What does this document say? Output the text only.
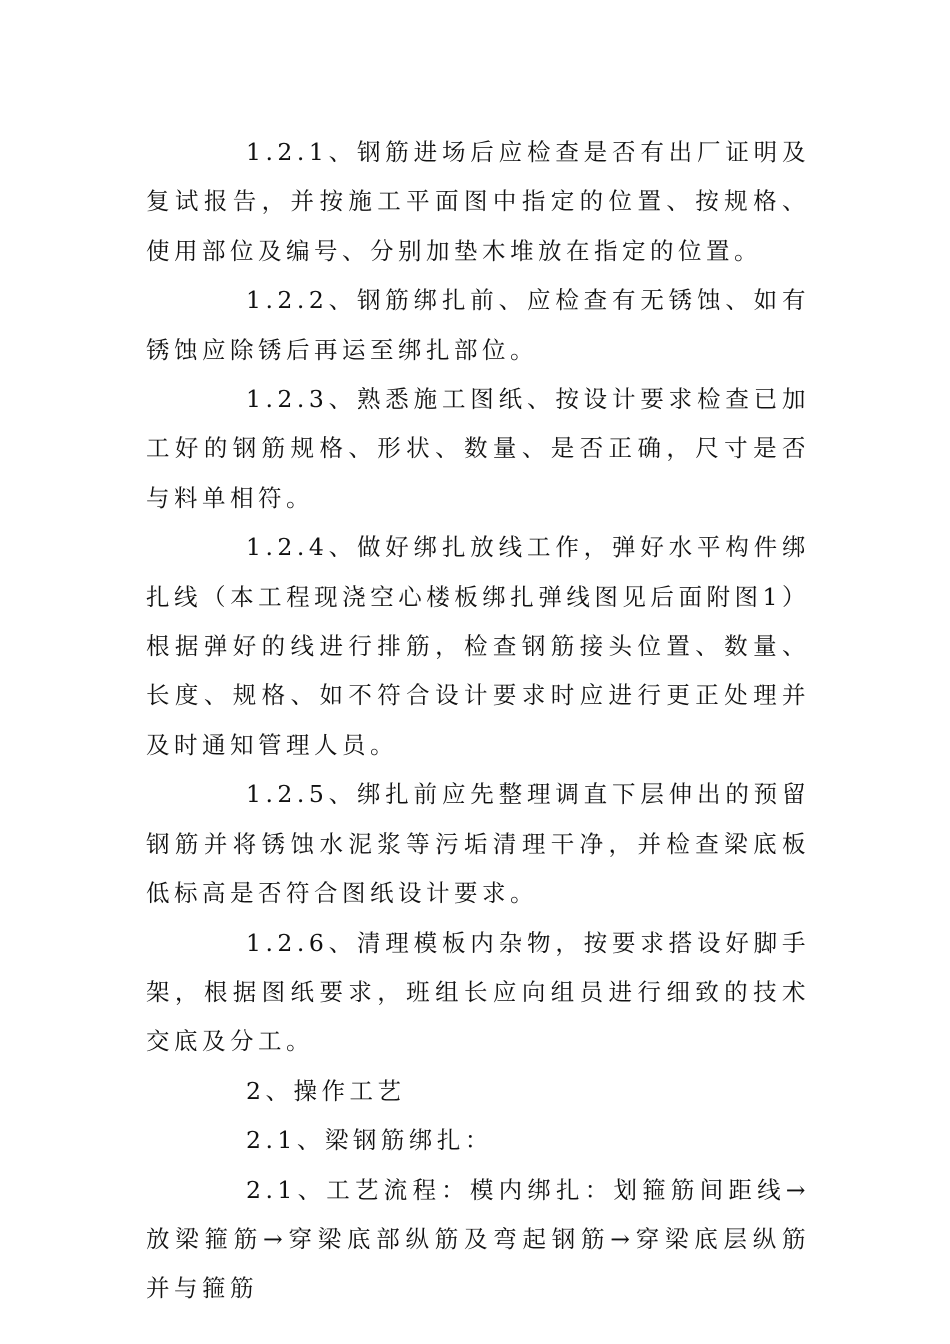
1.2.1、钢筋进场后应检查是否有出厂证明及复试报告，并按施工平面图中指定的位置、按规格、使用部位及编号、分别加垫木堆放在指定的位置。

1.2.2、钢筋绑扎前、应检查有无锈蚀、如有锈蚀应除锈后再运至绑扎部位。

1.2.3、熟悉施工图纸、按设计要求检查已加工好的钢筋规格、形状、数量、是否正确，尺寸是否与料单相符。

1.2.4、做好绑扎放线工作，弹好水平构件绑扎线（本工程现浇空心楼板绑扎弹线图见后面附图1）根据弹好的线进行排筋，检查钢筋接头位置、数量、长度、规格、如不符合设计要求时应进行更正处理并及时通知管理人员。

1.2.5、绑扎前应先整理调直下层伸出的预留钢筋并将锈蚀水泥浆等污垢清理干净，并检查梁底板低标高是否符合图纸设计要求。

1.2.6、清理模板内杂物，按要求搭设好脚手架，根据图纸要求，班组长应向组员进行细致的技术交底及分工。

2、操作工艺

2.1、梁钢筋绑扎：

2.1、工艺流程：模内绑扎：划箍筋间距线→放梁箍筋→穿梁底部纵筋及弯起钢筋→穿梁底层纵筋并与箍筋
